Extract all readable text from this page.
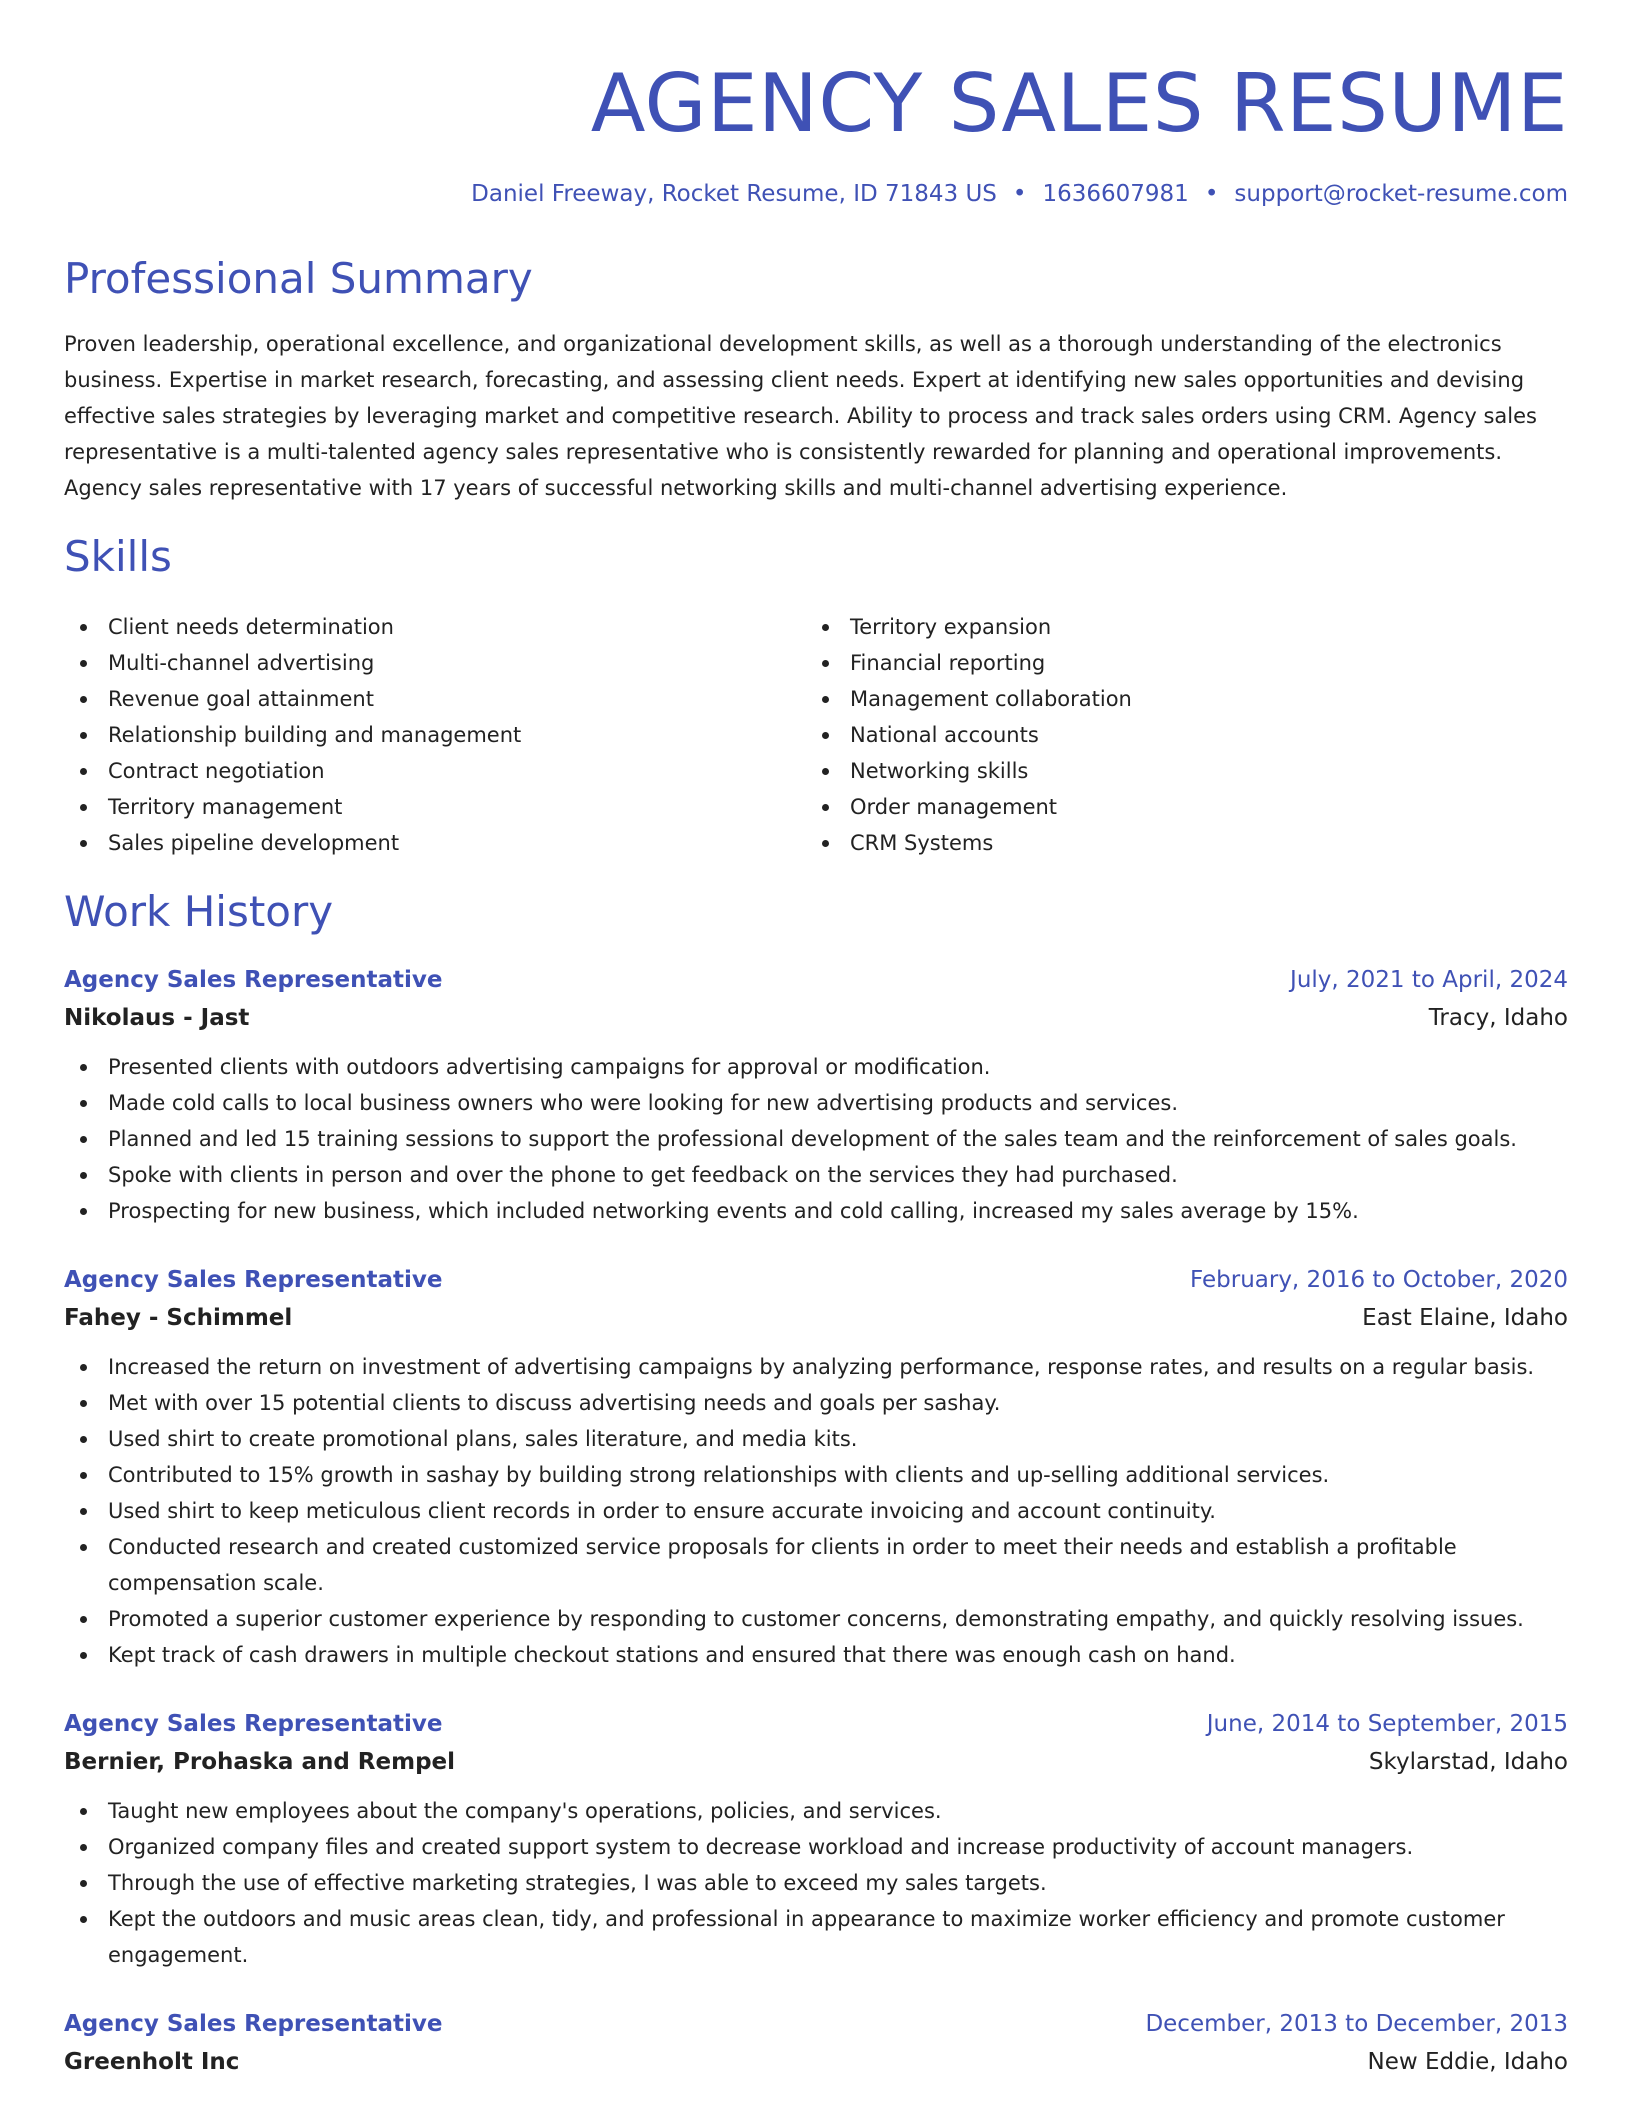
AGENCY SALES RESUME
Daniel Freeway, Rocket Resume, ID 71843 US • 1636607981 • support@rocket-resume.com
Professional Summary

Proven leadership, operational excellence, and organizational development skills, as well as a thorough understanding of the electronics business. Expertise in market research, forecasting, and assessing client needs. Expert at identifying new sales opportunities and devising effective sales strategies by leveraging market and competitive research. Ability to process and track sales orders using CRM. Agency sales representative is a multi-talented agency sales representative who is consistently rewarded for planning and operational improvements. Agency sales representative with 17 years of successful networking skills and multi-channel advertising experience.

Skills
Client needs determination
Multi-channel advertising
Revenue goal attainment
Relationship building and management
Contract negotiation
Territory management
Sales pipeline development
Territory expansion
Financial reporting
Management collaboration
National accounts
Networking skills
Order management
CRM Systems
Work History
Agency Sales Representative	July, 2021 to April, 2024
Nikolaus - Jast	Tracy, Idaho
Presented clients with outdoors advertising campaigns for approval or modification.
Made cold calls to local business owners who were looking for new advertising products and services.
Planned and led 15 training sessions to support the professional development of the sales team and the reinforcement of sales goals.
Spoke with clients in person and over the phone to get feedback on the services they had purchased.
Prospecting for new business, which included networking events and cold calling, increased my sales average by 15%.
Agency Sales Representative	February, 2016 to October, 2020
Fahey - Schimmel	East Elaine, Idaho
Increased the return on investment of advertising campaigns by analyzing performance, response rates, and results on a regular basis.
Met with over 15 potential clients to discuss advertising needs and goals per sashay.
Used shirt to create promotional plans, sales literature, and media kits.
Contributed to 15% growth in sashay by building strong relationships with clients and up-selling additional services.
Used shirt to keep meticulous client records in order to ensure accurate invoicing and account continuity.
Conducted research and created customized service proposals for clients in order to meet their needs and establish a profitable compensation scale.
Promoted a superior customer experience by responding to customer concerns, demonstrating empathy, and quickly resolving issues.
Kept track of cash drawers in multiple checkout stations and ensured that there was enough cash on hand.
Agency Sales Representative	June, 2014 to September, 2015
Bernier, Prohaska and Rempel	Skylarstad, Idaho
Taught new employees about the company's operations, policies, and services.
Organized company files and created support system to decrease workload and increase productivity of account managers.
Through the use of effective marketing strategies, I was able to exceed my sales targets.
Kept the outdoors and music areas clean, tidy, and professional in appearance to maximize worker efficiency and promote customer engagement.
Agency Sales Representative	December, 2013 to December, 2013
Greenholt Inc	New Eddie, Idaho
